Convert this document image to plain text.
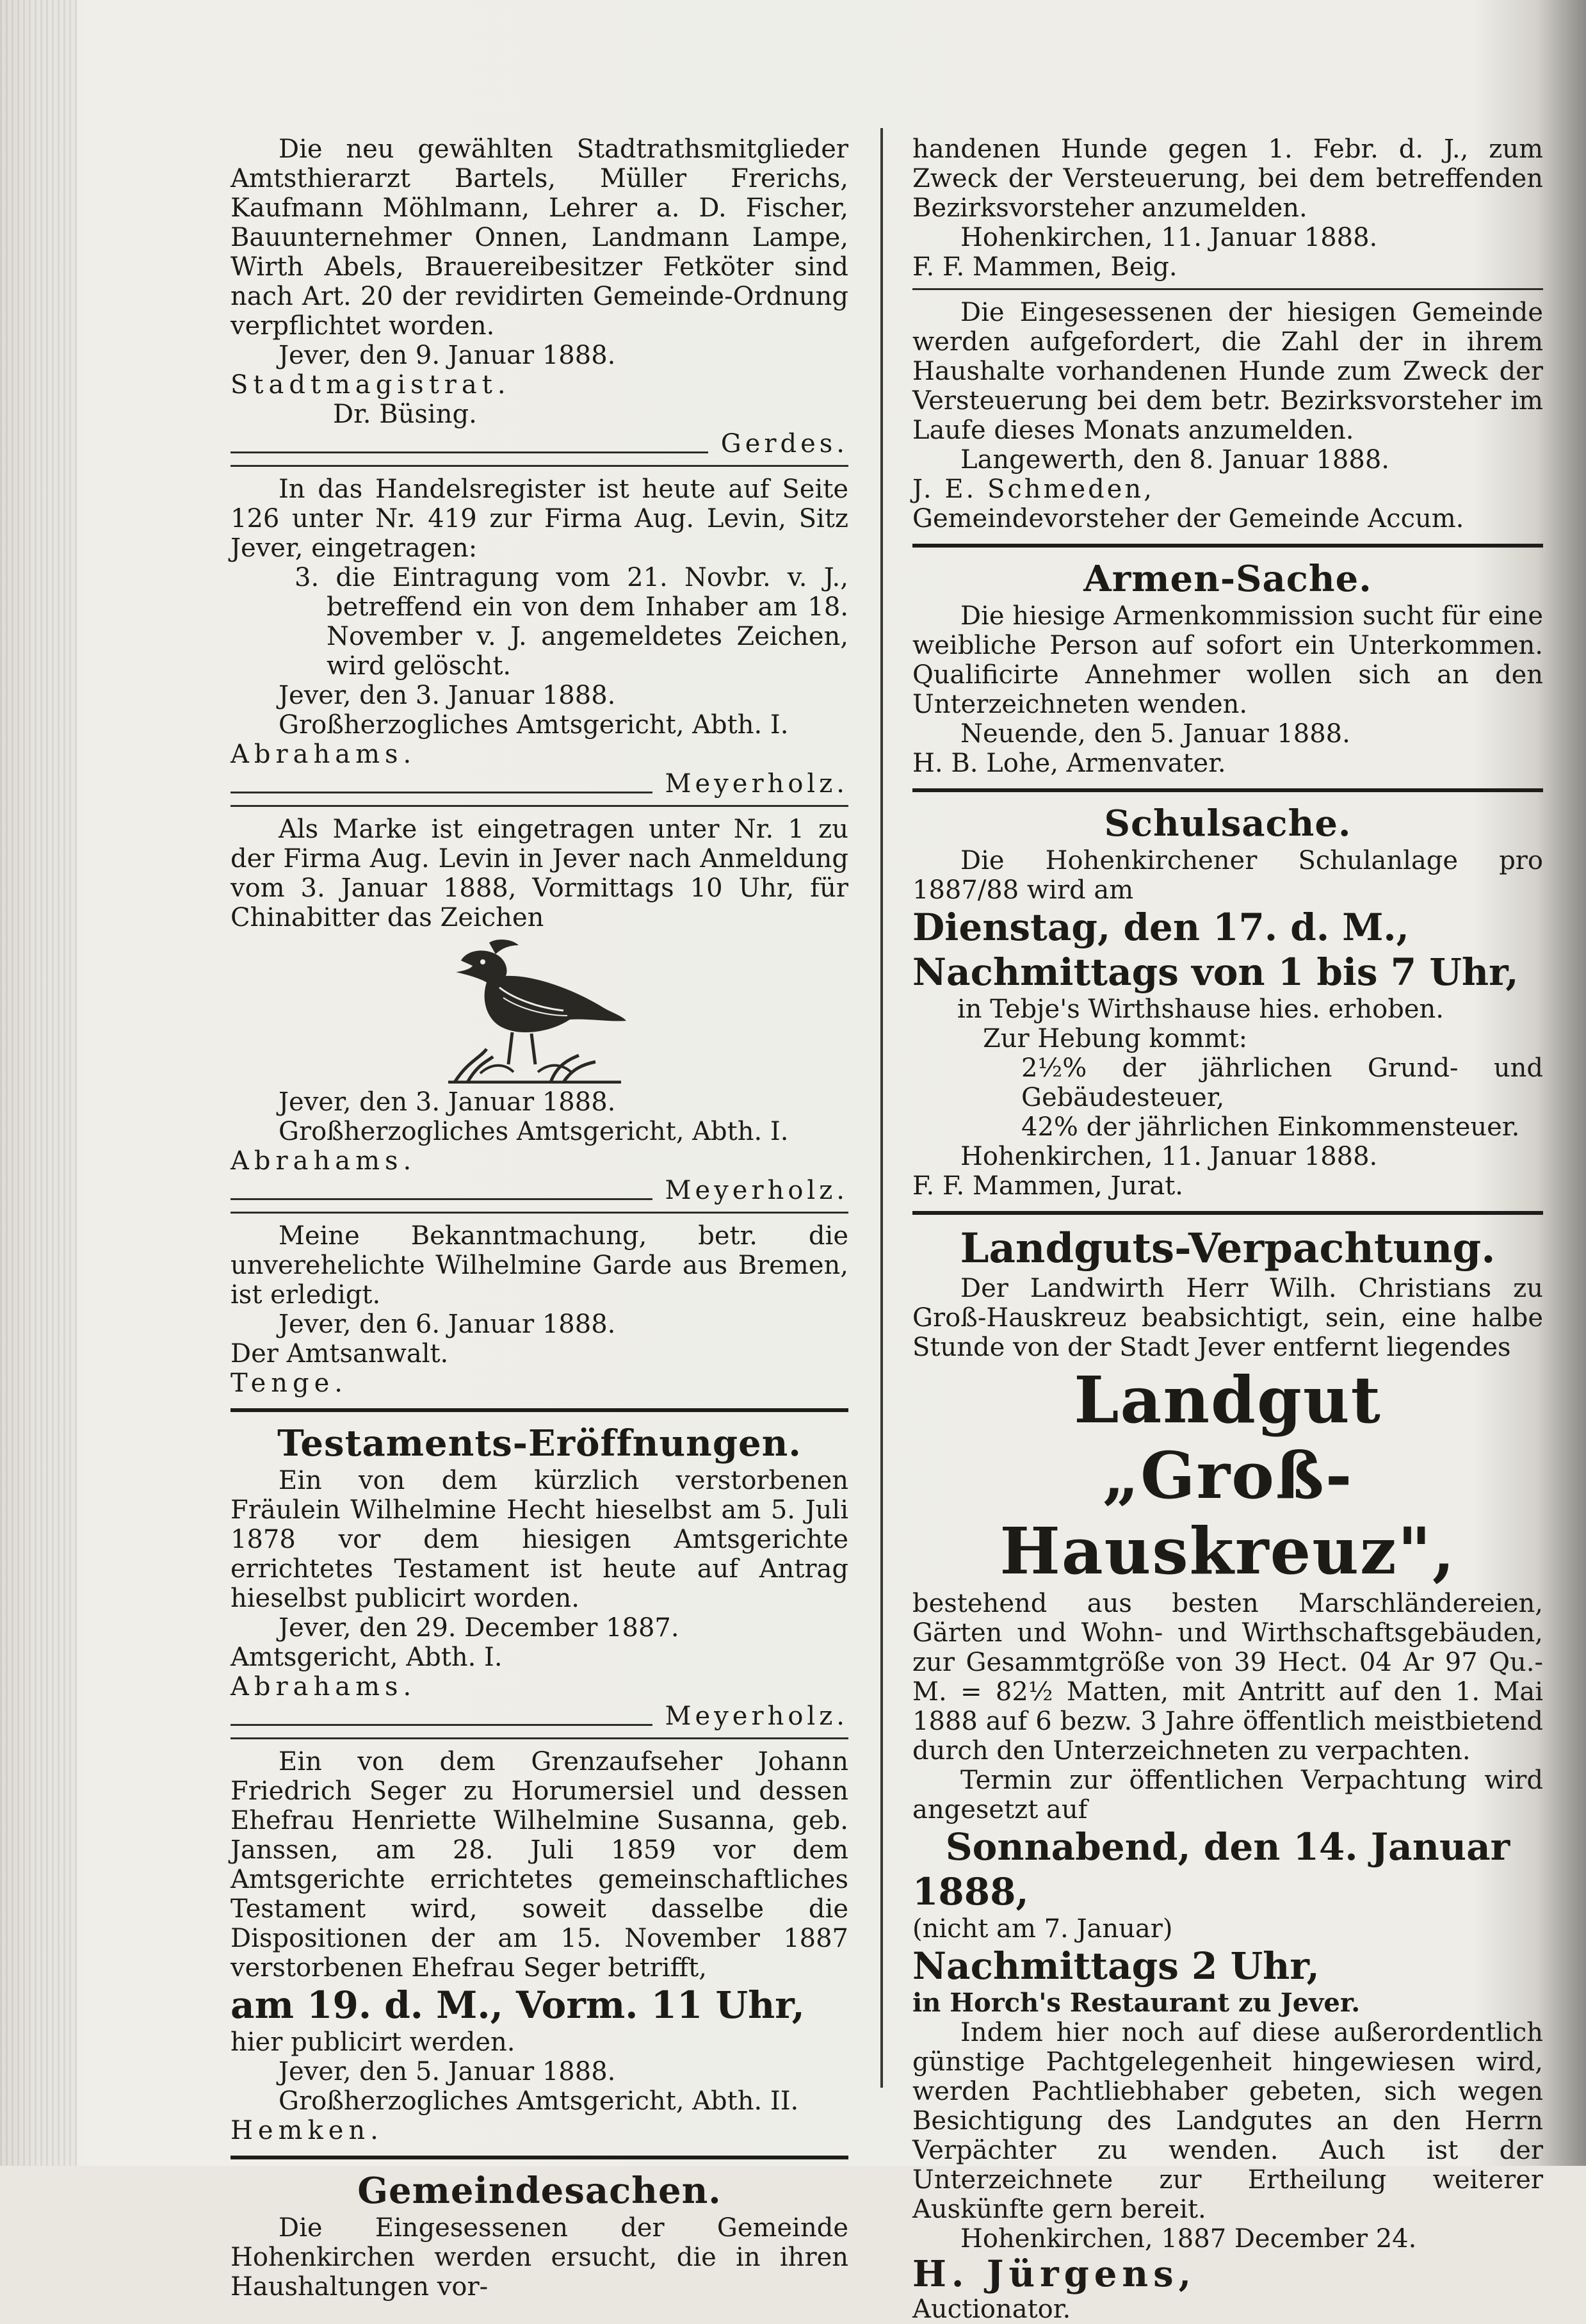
Die neu gewählten Stadtrathsmitglieder Amtsthierarzt Bartels, Müller Frerichs, Kaufmann Möhlmann, Lehrer a. D. Fischer, Bauunternehmer Onnen, Landmann Lampe, Wirth Abels, Brauereibesitzer Fetköter sind nach Art. 20 der revidirten Gemeinde-Ordnung verpflichtet worden.

Jever, den 9. Januar 1888.

Stadtmagistrat.

Dr. Büsing.

Gerdes.

In das Handelsregister ist heute auf Seite 126 unter Nr. 419 zur Firma Aug. Levin, Sitz Jever, eingetragen:

3. die Eintragung vom 21. Novbr. v. J., betreffend ein von dem Inhaber am 18. November v. J. angemeldetes Zeichen, wird gelöscht.

Jever, den 3. Januar 1888.

Großherzogliches Amtsgericht, Abth. I.

Abrahams.

Meyerholz.

Als Marke ist eingetragen unter Nr. 1 zu der Firma Aug. Levin in Jever nach Anmeldung vom 3. Januar 1888, Vormittags 10 Uhr, für Chinabitter das Zeichen

Jever, den 3. Januar 1888.

Großherzogliches Amtsgericht, Abth. I.

Abrahams.

Meyerholz.

Meine Bekanntmachung, betr. die unverehelichte Wilhelmine Garde aus Bremen, ist erledigt.

Jever, den 6. Januar 1888.

Der Amtsanwalt.

Tenge.

Testaments-Eröffnungen.

Ein von dem kürzlich verstorbenen Fräulein Wilhelmine Hecht hieselbst am 5. Juli 1878 vor dem hiesigen Amtsgerichte errichtetes Testament ist heute auf Antrag hieselbst publicirt worden.

Jever, den 29. December 1887.

Amtsgericht, Abth. I.

Abrahams.

Meyerholz.

Ein von dem Grenzaufseher Johann Friedrich Seger zu Horumersiel und dessen Ehefrau Henriette Wilhelmine Susanna, geb. Janssen, am 28. Juli 1859 vor dem Amtsgerichte errichtetes gemeinschaftliches Testament wird, soweit dasselbe die Dispositionen der am 15. November 1887 verstorbenen Ehefrau Seger betrifft,

am 19. d. M., Vorm. 11 Uhr,

hier publicirt werden.

Jever, den 5. Januar 1888.

Großherzogliches Amtsgericht, Abth. II.

Hemken.

Gemeindesachen.

Die Eingesessenen der Gemeinde Hohenkirchen werden ersucht, die in ihren Haushaltungen vor-

handenen Hunde gegen 1. Febr. d. J., zum Zweck der Versteuerung, bei dem betreffenden Bezirksvorsteher anzumelden.

Hohenkirchen, 11. Januar 1888.

F. F. Mammen, Beig.

Die Eingesessenen der hiesigen Gemeinde werden aufgefordert, die Zahl der in ihrem Haushalte vorhandenen Hunde zum Zweck der Versteuerung bei dem betr. Bezirksvorsteher im Laufe dieses Monats anzumelden.

Langewerth, den 8. Januar 1888.

J. E. Schmeden,

Gemeindevorsteher der Gemeinde Accum.

Armen-Sache.

Die hiesige Armenkommission sucht für eine weibliche Person auf sofort ein Unterkommen. Qualificirte Annehmer wollen sich an den Unterzeichneten wenden.

Neuende, den 5. Januar 1888.

H. B. Lohe, Armenvater.

Schulsache.

Die Hohenkirchener Schulanlage pro 1887/88 wird am

Dienstag, den 17. d. M.,

Nachmittags von 1 bis 7 Uhr,

in Tebje's Wirthshause hies. erhoben.

Zur Hebung kommt:

2½% der jährlichen Grund- und Gebäudesteuer,

42% der jährlichen Einkommensteuer.

Hohenkirchen, 11. Januar 1888.

F. F. Mammen, Jurat.

Landguts-Verpachtung.

Der Landwirth Herr Wilh. Christians zu Groß-Hauskreuz beabsichtigt, sein, eine halbe Stunde von der Stadt Jever entfernt liegendes

Landgut
„Groß-Hauskreuz",

bestehend aus besten Marschländereien, Gärten und Wohn- und Wirthschaftsgebäuden, zur Gesammtgröße von 39 Hect. 04 Ar 97 Qu.-M. = 82½ Matten, mit Antritt auf den 1. Mai 1888 auf 6 bezw. 3 Jahre öffentlich meistbietend durch den Unterzeichneten zu verpachten.

Termin zur öffentlichen Verpachtung wird angesetzt auf

Sonnabend, den 14. Januar 1888,

(nicht am 7. Januar)

Nachmittags 2 Uhr,

in Horch's Restaurant zu Jever.

Indem hier noch auf diese außerordentlich günstige Pachtgelegenheit hingewiesen wird, werden Pachtliebhaber gebeten, sich wegen Besichtigung des Landgutes an den Herrn Verpächter zu wenden. Auch ist der Unterzeichnete zur Ertheilung weiterer Auskünfte gern bereit.

Hohenkirchen, 1887 December 24.

H. Jürgens,

Auctionator.
